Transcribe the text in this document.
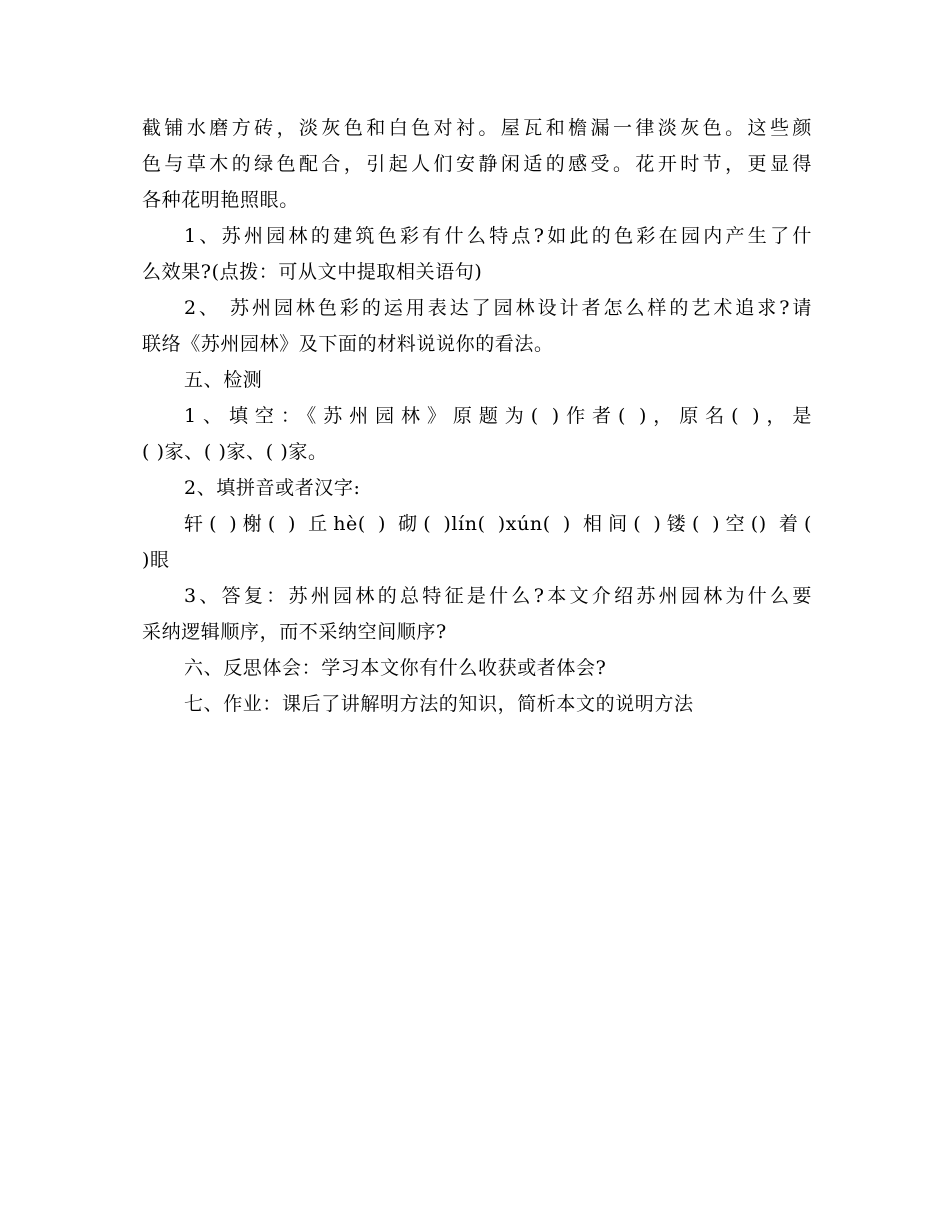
截铺水磨方砖，淡灰色和白色对衬。屋瓦和檐漏一律淡灰色。这些颜
色与草木的绿色配合，引起人们安静闲适的感受。花开时节，更显得
各种花明艳照眼。
1、苏州园林的建筑色彩有什么特点?如此的色彩在园内产生了什
么效果?(点拨：可从文中提取相关语句)
2、 苏州园林色彩的运用表达了园林设计者怎么样的艺术追求?请
联络《苏州园林》及下面的材料说说你的看法。
五、检测
1、填空：《苏州园林》原题为( )作者( )，原名( )，是
( )家、( )家、( )家。
2、填拼音或者汉字:
轩( )榭( ) 丘hè( ) 砌( )lín( )xún( ) 相间( )镂( )空() 着(
)眼
3、答复：苏州园林的总特征是什么?本文介绍苏州园林为什么要
采纳逻辑顺序，而不采纳空间顺序?
六、反思体会：学习本文你有什么收获或者体会?
七、作业：课后了讲解明方法的知识，简析本文的说明方法
